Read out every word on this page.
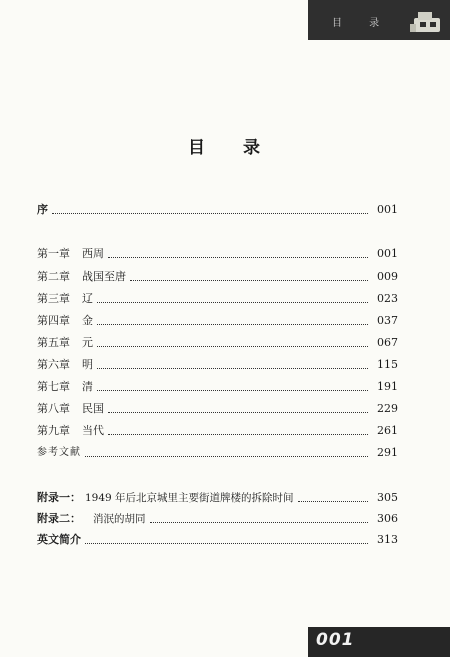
目 录
目 录
序	001
第一章 西周	001
第二章 战国至唐	009
第三章 辽	023
第四章 金	037
第五章 元	067
第六章 明	115
第七章 清	191
第八章 民国	229
第九章 当代	261
参考文献	291
附录一： 1949 年后北京城里主要街道牌楼的拆除时间	305
附录二： 消泯的胡同	306
英文简介	313
001
